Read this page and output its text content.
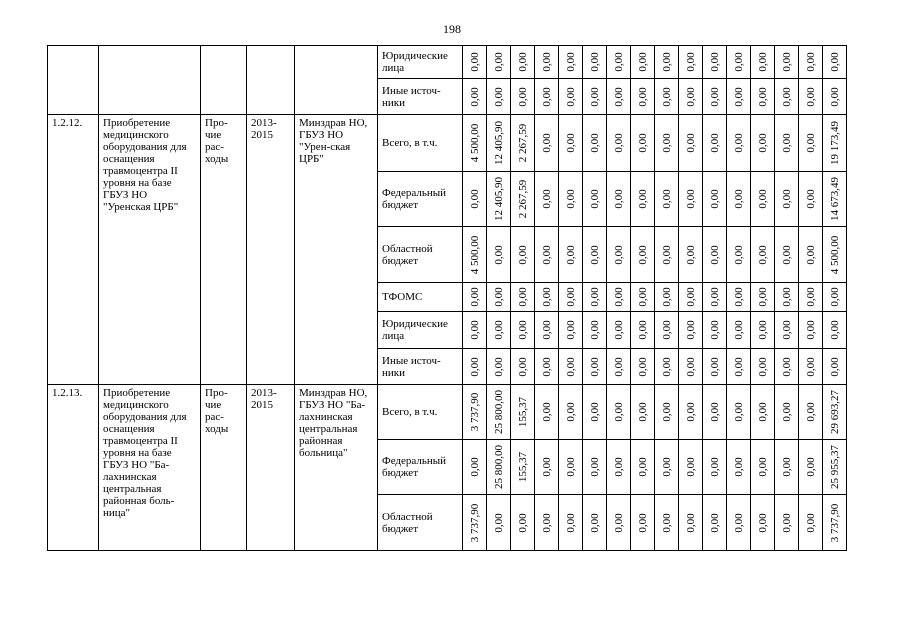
198
					Юридические лица	0,00	0,00	0,00	0,00	0,00	0,00	0,00	0,00	0,00	0,00	0,00	0,00	0,00	0,00	0,00	0,00

					Иные источ-ники	0,00	0,00	0,00	0,00	0,00	0,00	0,00	0,00	0,00	0,00	0,00	0,00	0,00	0,00	0,00	0,00

1.2.12.	Приобретение медицинского оборудования для оснащения травмоцентра II уровня на базе ГБУЗ НО "Уренская ЦРБ"	Про-чие рас-ходы	2013-2015	Минздрав НО, ГБУЗ НО "Урен-ская ЦРБ"	Всего, в т.ч.	4 500,00	12 405,90	2 267,59	0,00	0,00	0,00	0,00	0,00	0,00	0,00	0,00	0,00	0,00	0,00	0,00	19 173,49

					Федеральный бюджет	0,00	12 405,90	2 267,59	0,00	0,00	0,00	0,00	0,00	0,00	0,00	0,00	0,00	0,00	0,00	0,00	14 673,49

					Областной бюджет	4 500,00	0,00	0,00	0,00	0,00	0,00	0,00	0,00	0,00	0,00	0,00	0,00	0,00	0,00	0,00	4 500,00

					ТФОМС	0,00	0,00	0,00	0,00	0,00	0,00	0,00	0,00	0,00	0,00	0,00	0,00	0,00	0,00	0,00	0,00

					Юридические лица	0,00	0,00	0,00	0,00	0,00	0,00	0,00	0,00	0,00	0,00	0,00	0,00	0,00	0,00	0,00	0,00

					Иные источ-ники	0,00	0,00	0,00	0,00	0,00	0,00	0,00	0,00	0,00	0,00	0,00	0,00	0,00	0,00	0,00	0,00

1.2.13.	Приобретение медицинского оборудования для оснащения травмоцентра II уровня на базе ГБУЗ НО "Ба-лахнинская центральная районная боль-ница"	Про-чие рас-ходы	2013-2015	Минздрав НО, ГБУЗ НО "Ба-лахнинская центральная районная больница"	Всего, в т.ч.	3 737,90	25 800,00	155,37	0,00	0,00	0,00	0,00	0,00	0,00	0,00	0,00	0,00	0,00	0,00	0,00	29 693,27

					Федеральный бюджет	0,00	25 800,00	155,37	0,00	0,00	0,00	0,00	0,00	0,00	0,00	0,00	0,00	0,00	0,00	0,00	25 955,37

					Областной бюджет	3 737,90	0,00	0,00	0,00	0,00	0,00	0,00	0,00	0,00	0,00	0,00	0,00	0,00	0,00	0,00	3 737,90
